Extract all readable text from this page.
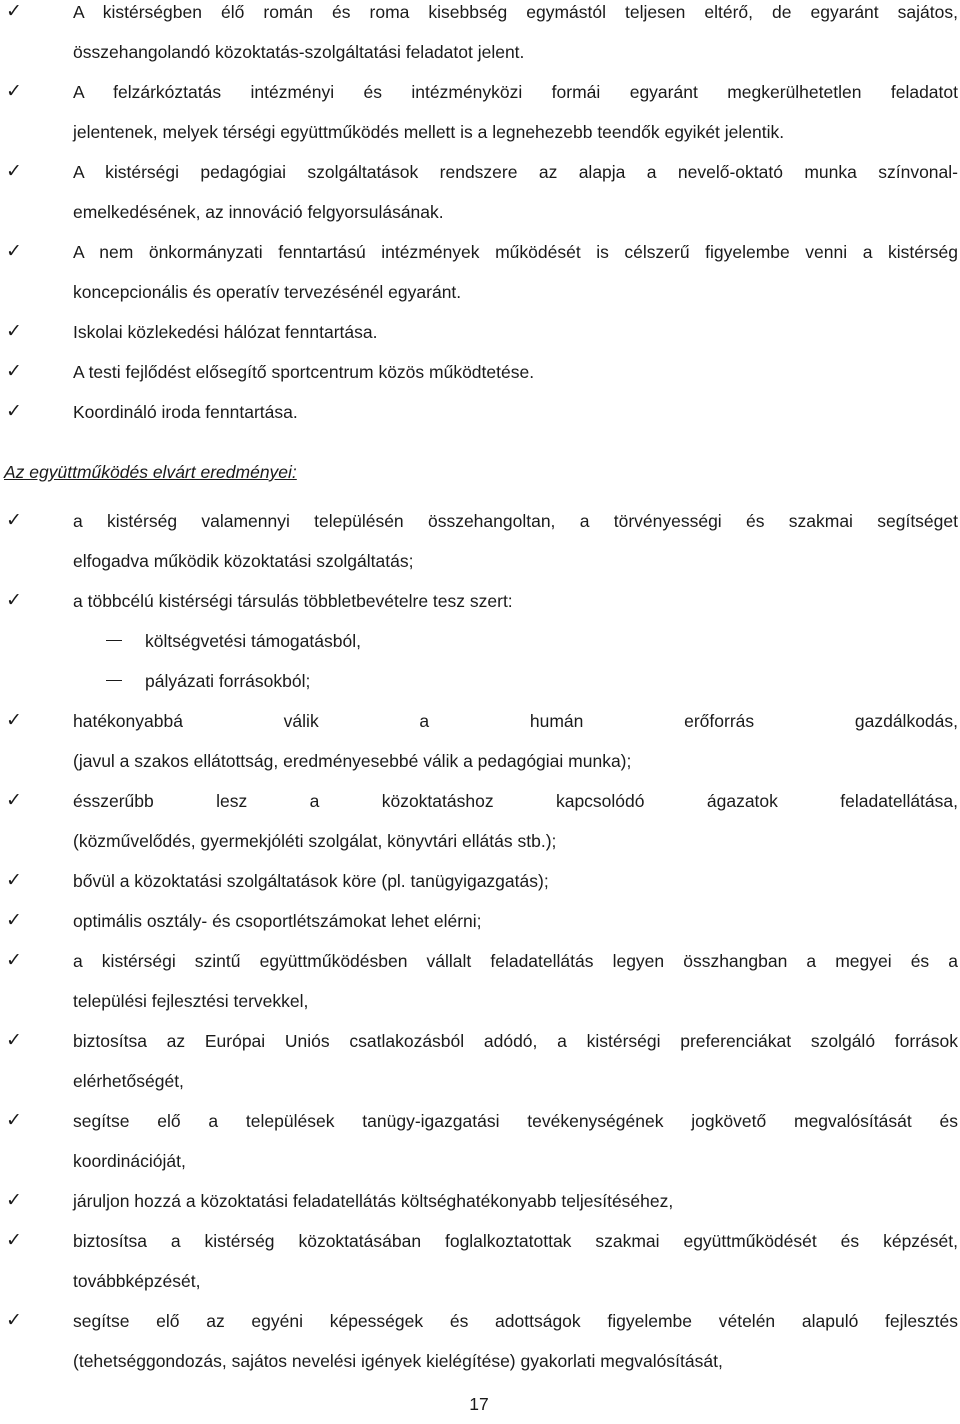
✓	A kistérségben élő román és roma kisebbség egymástól teljesen eltérő, de egyaránt sajátos,
összehangolandó közoktatás-szolgáltatási feladatot jelent.
✓	A felzárkóztatás intézményi és intézményközi formái egyaránt megkerülhetetlen feladatot
jelentenek, melyek térségi együttműködés mellett is a legnehezebb teendők egyikét jelentik.
✓	A kistérségi pedagógiai szolgáltatások rendszere az alapja a nevelő-oktató munka színvonal-
emelkedésének, az innováció felgyorsulásának.
✓	A nem önkormányzati fenntartású intézmények működését is célszerű figyelembe venni a kistérség
koncepcionális és operatív tervezésénél egyaránt.
✓	Iskolai közlekedési hálózat fenntartása.
✓	A testi fejlődést elősegítő sportcentrum közös működtetése.
✓	Koordináló iroda fenntartása.
Az együttműködés elvárt eredményei:
✓	a kistérség valamennyi településén összehangoltan, a törvényességi és szakmai segítséget
elfogadva működik közoktatási szolgáltatás;
✓	a többcélú kistérségi társulás többletbevételre tesz szert:
költségvetési támogatásból,
pályázati forrásokból;
✓	hatékonyabbá válik a humán erőforrás gazdálkodás,
(javul a szakos ellátottság, eredményesebbé válik a pedagógiai munka);
✓	ésszerűbb lesz a közoktatáshoz kapcsolódó ágazatok feladatellátása,
(közművelődés, gyermekjóléti szolgálat, könyvtári ellátás stb.);
✓	bővül a közoktatási szolgáltatások köre (pl. tanügyigazgatás);
✓	optimális osztály- és csoportlétszámokat lehet elérni;
✓	a kistérségi szintű együttműködésben vállalt feladatellátás legyen összhangban a megyei és a
települési fejlesztési tervekkel,
✓	biztosítsa az Európai Uniós csatlakozásból adódó, a kistérségi preferenciákat szolgáló források
elérhetőségét,
✓	segítse elő a települések tanügy-igazgatási tevékenységének jogkövető megvalósítását és
koordinációját,
✓	járuljon hozzá a közoktatási feladatellátás költséghatékonyabb teljesítéséhez,
✓	biztosítsa a kistérség közoktatásában foglalkoztatottak szakmai együttműködését és képzését,
továbbképzését,
✓	segítse elő az egyéni képességek és adottságok figyelembe vételén alapuló fejlesztés
(tehetséggondozás, sajátos nevelési igények kielégítése) gyakorlati megvalósítását,
17
